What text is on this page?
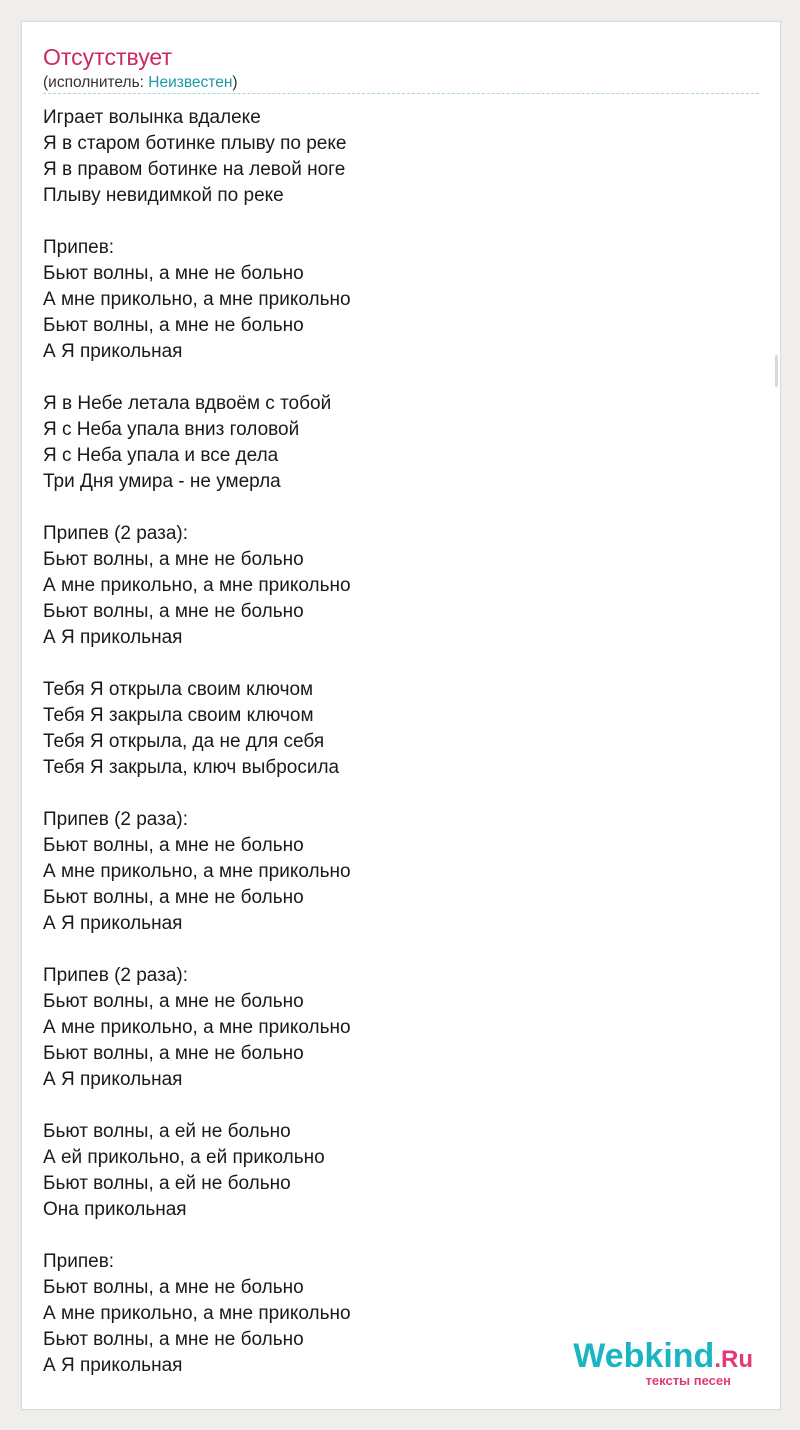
Отсутствует
(исполнитель: Неизвестен)
Играет волынка вдалеке
Я в старом ботинке плыву по реке
Я в правом ботинке на левой ноге
Плыву невидимкой по реке
Припев:
Бьют волны, а мне не больно
А мне прикольно, а мне прикольно
Бьют волны, а мне не больно
А Я прикольная
Я в Небе летала вдвоём с тобой
Я с Неба упала вниз головой
Я с Неба упала и все дела
Три Дня умира - не умерла
Припев (2 раза):
Бьют волны, а мне не больно
А мне прикольно, а мне прикольно
Бьют волны, а мне не больно
А Я прикольная
Тебя Я открыла своим ключом
Тебя Я закрыла своим ключом
Тебя Я открыла, да не для себя
Тебя Я закрыла, ключ выбросила
Припев (2 раза):
Бьют волны, а мне не больно
А мне прикольно, а мне прикольно
Бьют волны, а мне не больно
А Я прикольная
Припев (2 раза):
Бьют волны, а мне не больно
А мне прикольно, а мне прикольно
Бьют волны, а мне не больно
А Я прикольная
Бьют волны, а ей не больно
А ей прикольно, а ей прикольно
Бьют волны, а ей не больно
Она прикольная
Припев:
Бьют волны, а мне не больно
А мне прикольно, а мне прикольно
Бьют волны, а мне не больно
А Я прикольная	Webkind.Ru
тексты песен
